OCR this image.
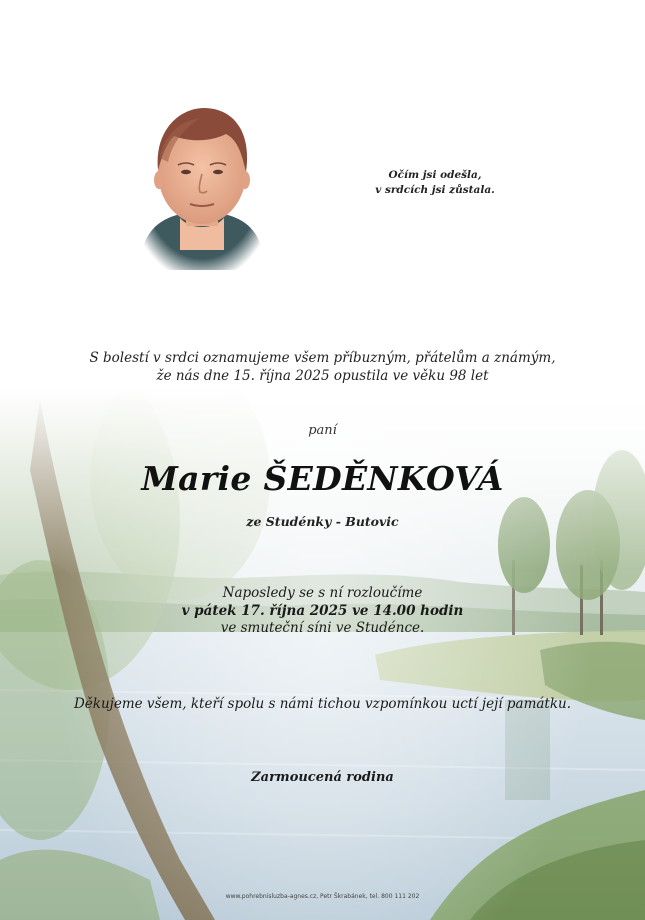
Očím jsi odešla,
v srdcích jsi zůstala.
S bolestí v srdci oznamujeme všem příbuzným, přátelům a známým,
že nás dne 15. října 2025 opustila ve věku 98 let
paní
Marie ŠEDĚNKOVÁ
ze Studénky - Butovic
Naposledy se s ní rozloučíme
v pátek 17. října 2025 ve 14.00 hodin
ve smuteční síni ve Studénce.
Děkujeme všem, kteří spolu s námi tichou vzpomínkou uctí její památku.
Zarmoucená rodina
www.pohrebnisluzba-agnes.cz, Petr Škrabánek, tel. 800 111 202
